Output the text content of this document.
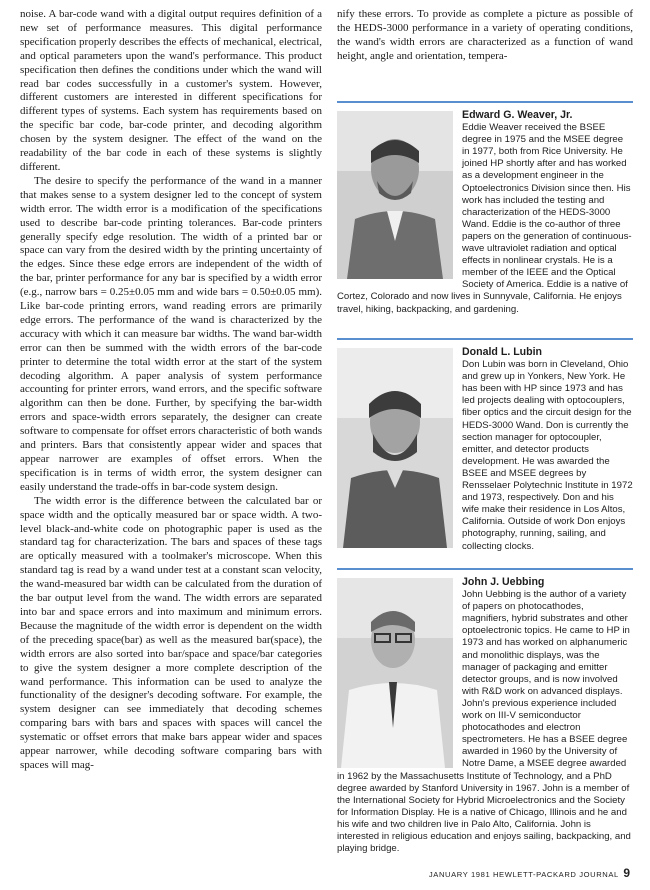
noise. A bar-code wand with a digital output requires definition of a new set of performance measures. This digital performance specification properly describes the effects of mechanical, electrical, and optical parameters upon the wand's performance. This product specification then defines the conditions under which the wand will read bar codes successfully in a customer's system. However, different customers are interested in different specifications for different types of systems. Each system has requirements based on the specific bar code, bar-code printer, and decoding algorithm chosen by the system designer. The effect of the wand on the readability of the bar code in each of these systems is slightly different.

The desire to specify the performance of the wand in a manner that makes sense to a system designer led to the concept of system width error. The width error is a modification of the specifications used to describe bar-code printing tolerances. Bar-code printers generally specify edge resolution. The width of a printed bar or space can vary from the desired width by the printing uncertainty of the edges. Since these edge errors are independent of the width of the bar, printer performance for any bar is specified by a width error (e.g., narrow bars = 0.25±0.05 mm and wide bars = 0.50±0.05 mm). Like bar-code printing errors, wand reading errors are primarily edge errors. The performance of the wand is characterized by the accuracy with which it can measure bar widths. The wand bar-width error can then be summed with the width errors of the bar-code printer to determine the total width error at the start of the system decoding algorithm. A paper analysis of system performance accounting for printer errors, wand errors, and the specific software algorithm can then be done. Further, by specifying the bar-width errors and space-width errors separately, the designer can create software to compensate for offset errors characteristic of both wands and printers. Bars that consistently appear wider and spaces that appear narrower are examples of offset errors. When the specification is in terms of width error, the system designer can easily understand the trade-offs in bar-code system design.

The width error is the difference between the calculated bar or space width and the optically measured bar or space width. A two-level black-and-white code on photographic paper is used as the standard tag for characterization. The bars and spaces of these tags are optically measured with a toolmaker's microscope. When this standard tag is read by a wand under test at a constant scan velocity, the wand-measured bar width can be calculated from the duration of the bar output level from the wand. The width errors are separated into bar and space errors and into maximum and minimum errors. Because the magnitude of the width error is dependent on the width of the preceding space(bar) as well as the measured bar(space), the width errors are also sorted into bar/space and space/bar categories to give the system designer a more complete description of the wand performance. This information can be used to analyze the functionality of the designer's decoding software. For example, the system designer can see immediately that decoding schemes comparing bars with bars and spaces with spaces will cancel the systematic or offset errors that make bars appear wider and spaces appear narrower, while decoding software comparing bars with spaces will mag-

nify these errors. To provide as complete a picture as possible of the HEDS-3000 performance in a variety of operating conditions, the wand's width errors are characterized as a function of wand height, angle and orientation, tempera-

Edward G. Weaver, Jr.

Eddie Weaver received the BSEE degree in 1975 and the MSEE degree in 1977, both from Rice University. He joined HP shortly after and has worked as a development engineer in the Optoelectronics Division since then. His work has included the testing and characterization of the HEDS-3000 Wand. Eddie is the co-author of three papers on the generation of continuous-wave ultraviolet radiation and optical effects in nonlinear crystals. He is a member of the IEEE and the Optical Society of America. Eddie is a native of Cortez, Colorado and now lives in Sunnyvale, California. He enjoys travel, hiking, backpacking, and gardening.

Donald L. Lubin

Don Lubin was born in Cleveland, Ohio and grew up in Yonkers, New York. He has been with HP since 1973 and has led projects dealing with optocouplers, fiber optics and the circuit design for the HEDS-3000 Wand. Don is currently the section manager for optocoupler, emitter, and detector products development. He was awarded the BSEE and MSEE degrees by Rensselaer Polytechnic Institute in 1972 and 1973, respectively. Don and his wife make their residence in Los Altos, California. Outside of work Don enjoys photography, running, sailing, and collecting clocks.

John J. Uebbing

John Uebbing is the author of a variety of papers on photocathodes, magnifiers, hybrid substrates and other optoelectronic topics. He came to HP in 1973 and has worked on alphanumeric and monolithic displays, was the manager of packaging and emitter detector groups, and is now involved with R&D work on advanced displays. John's previous experience included work on III-V semiconductor photocathodes and electron spectrometers. He has a BSEE degree awarded in 1960 by the University of Notre Dame, a MSEE degree awarded in 1962 by the Massachusetts Institute of Technology, and a PhD degree awarded by Stanford University in 1967. John is a member of the International Society for Hybrid Microelectronics and the Society for Information Display. He is a native of Chicago, Illinois and he and his wife and two children live in Palo Alto, California. John is interested in religious education and enjoys sailing, backpacking, and playing bridge.

JANUARY 1981 HEWLETT-PACKARD JOURNAL 9
